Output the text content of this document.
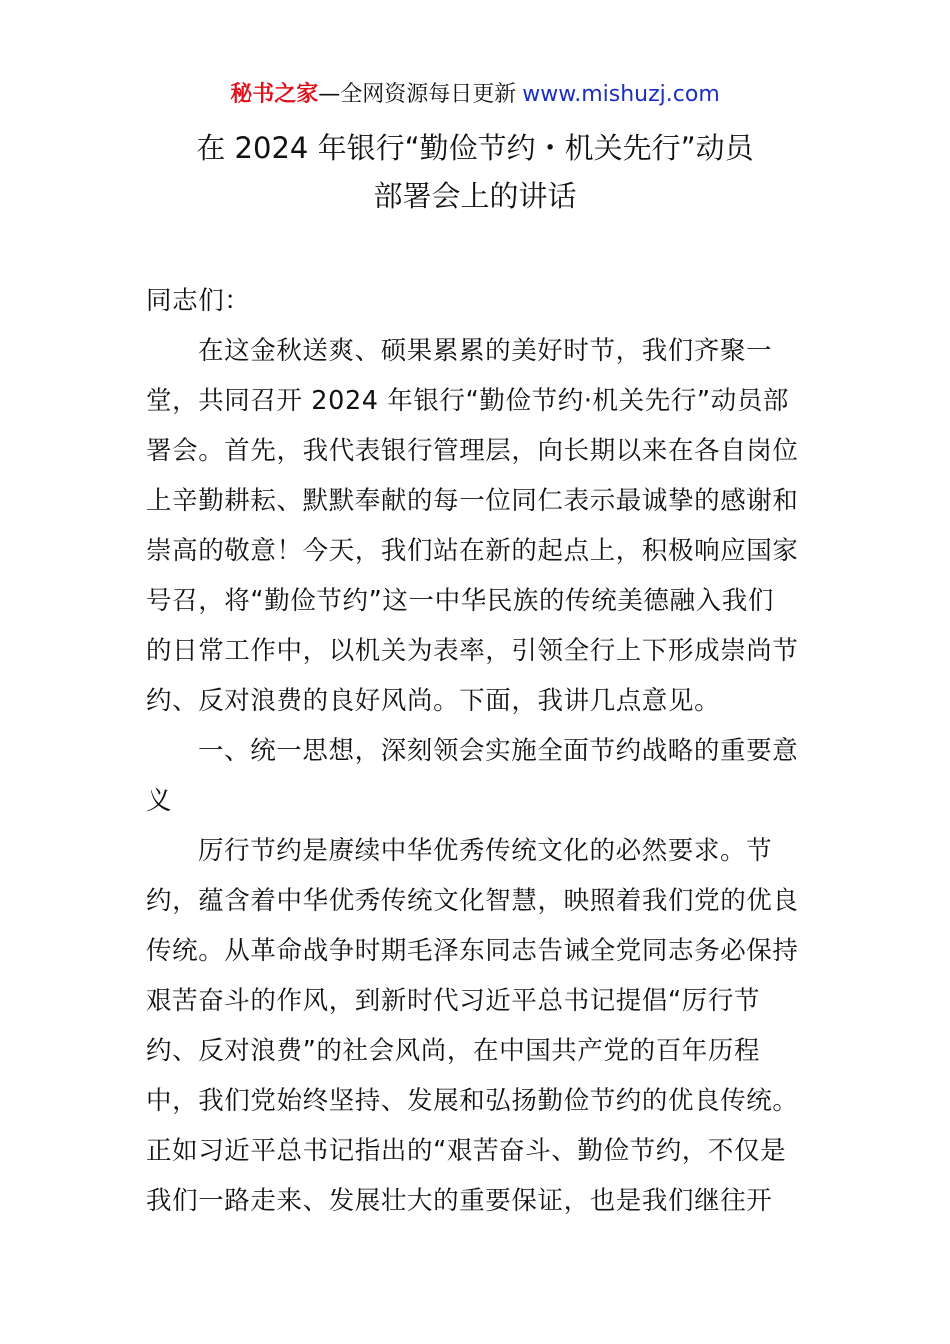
秘书之家—全网资源每日更新 www.mishuzj.com
在 2024 年银行“勤俭节约・机关先行”动员
部署会上的讲话
同志们：
在这金秋送爽、硕果累累的美好时节，我们齐聚一
堂，共同召开 2024 年银行“勤俭节约·机关先行”动员部
署会。首先，我代表银行管理层，向长期以来在各自岗位
上辛勤耕耘、默默奉献的每一位同仁表示最诚挚的感谢和
崇高的敬意！今天，我们站在新的起点上，积极响应国家
号召，将“勤俭节约”这一中华民族的传统美德融入我们
的日常工作中，以机关为表率，引领全行上下形成崇尚节
约、反对浪费的良好风尚。下面，我讲几点意见。
一、统一思想，深刻领会实施全面节约战略的重要意
义
厉行节约是赓续中华优秀传统文化的必然要求。节
约，蕴含着中华优秀传统文化智慧，映照着我们党的优良
传统。从革命战争时期毛泽东同志告诫全党同志务必保持
艰苦奋斗的作风，到新时代习近平总书记提倡“厉行节
约、反对浪费”的社会风尚，在中国共产党的百年历程
中，我们党始终坚持、发展和弘扬勤俭节约的优良传统。
正如习近平总书记指出的“艰苦奋斗、勤俭节约，不仅是
我们一路走来、发展壮大的重要保证，也是我们继往开
